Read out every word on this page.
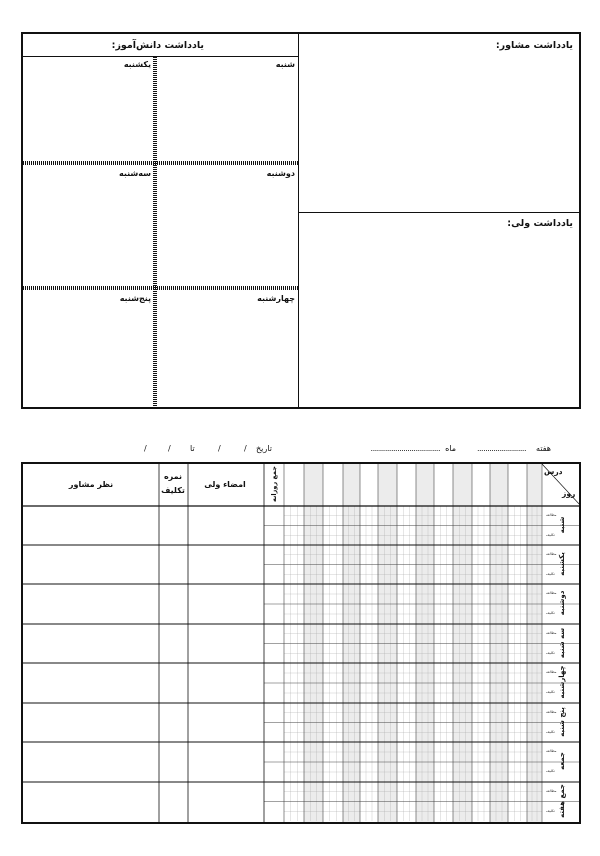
یادداشت دانش‌آموز:	یادداشت مشاور:
یادداشت ولی:
شنبه
یکشنبه
دوشنبه
سه‌شنبه
چهارشنبه
پنج‌شنبه
هفته
........................
ماه
..................................
تاریخ
/
/
تا
/
/
درس
روز
جمع روزانه
امضاء ولی
نمره
تکلیف
نظر مشاور
شنبه
مطالعه
تکلیف
یکشنبه
مطالعه
تکلیف
دوشنبه
مطالعه
تکلیف
سه شنبه
مطالعه
تکلیف
چهارشنبه
مطالعه
تکلیف
پنج شنبه
مطالعه
تکلیف
جمعه
مطالعه
تکلیف
جمع هفته
مطالعه
تکلیف
